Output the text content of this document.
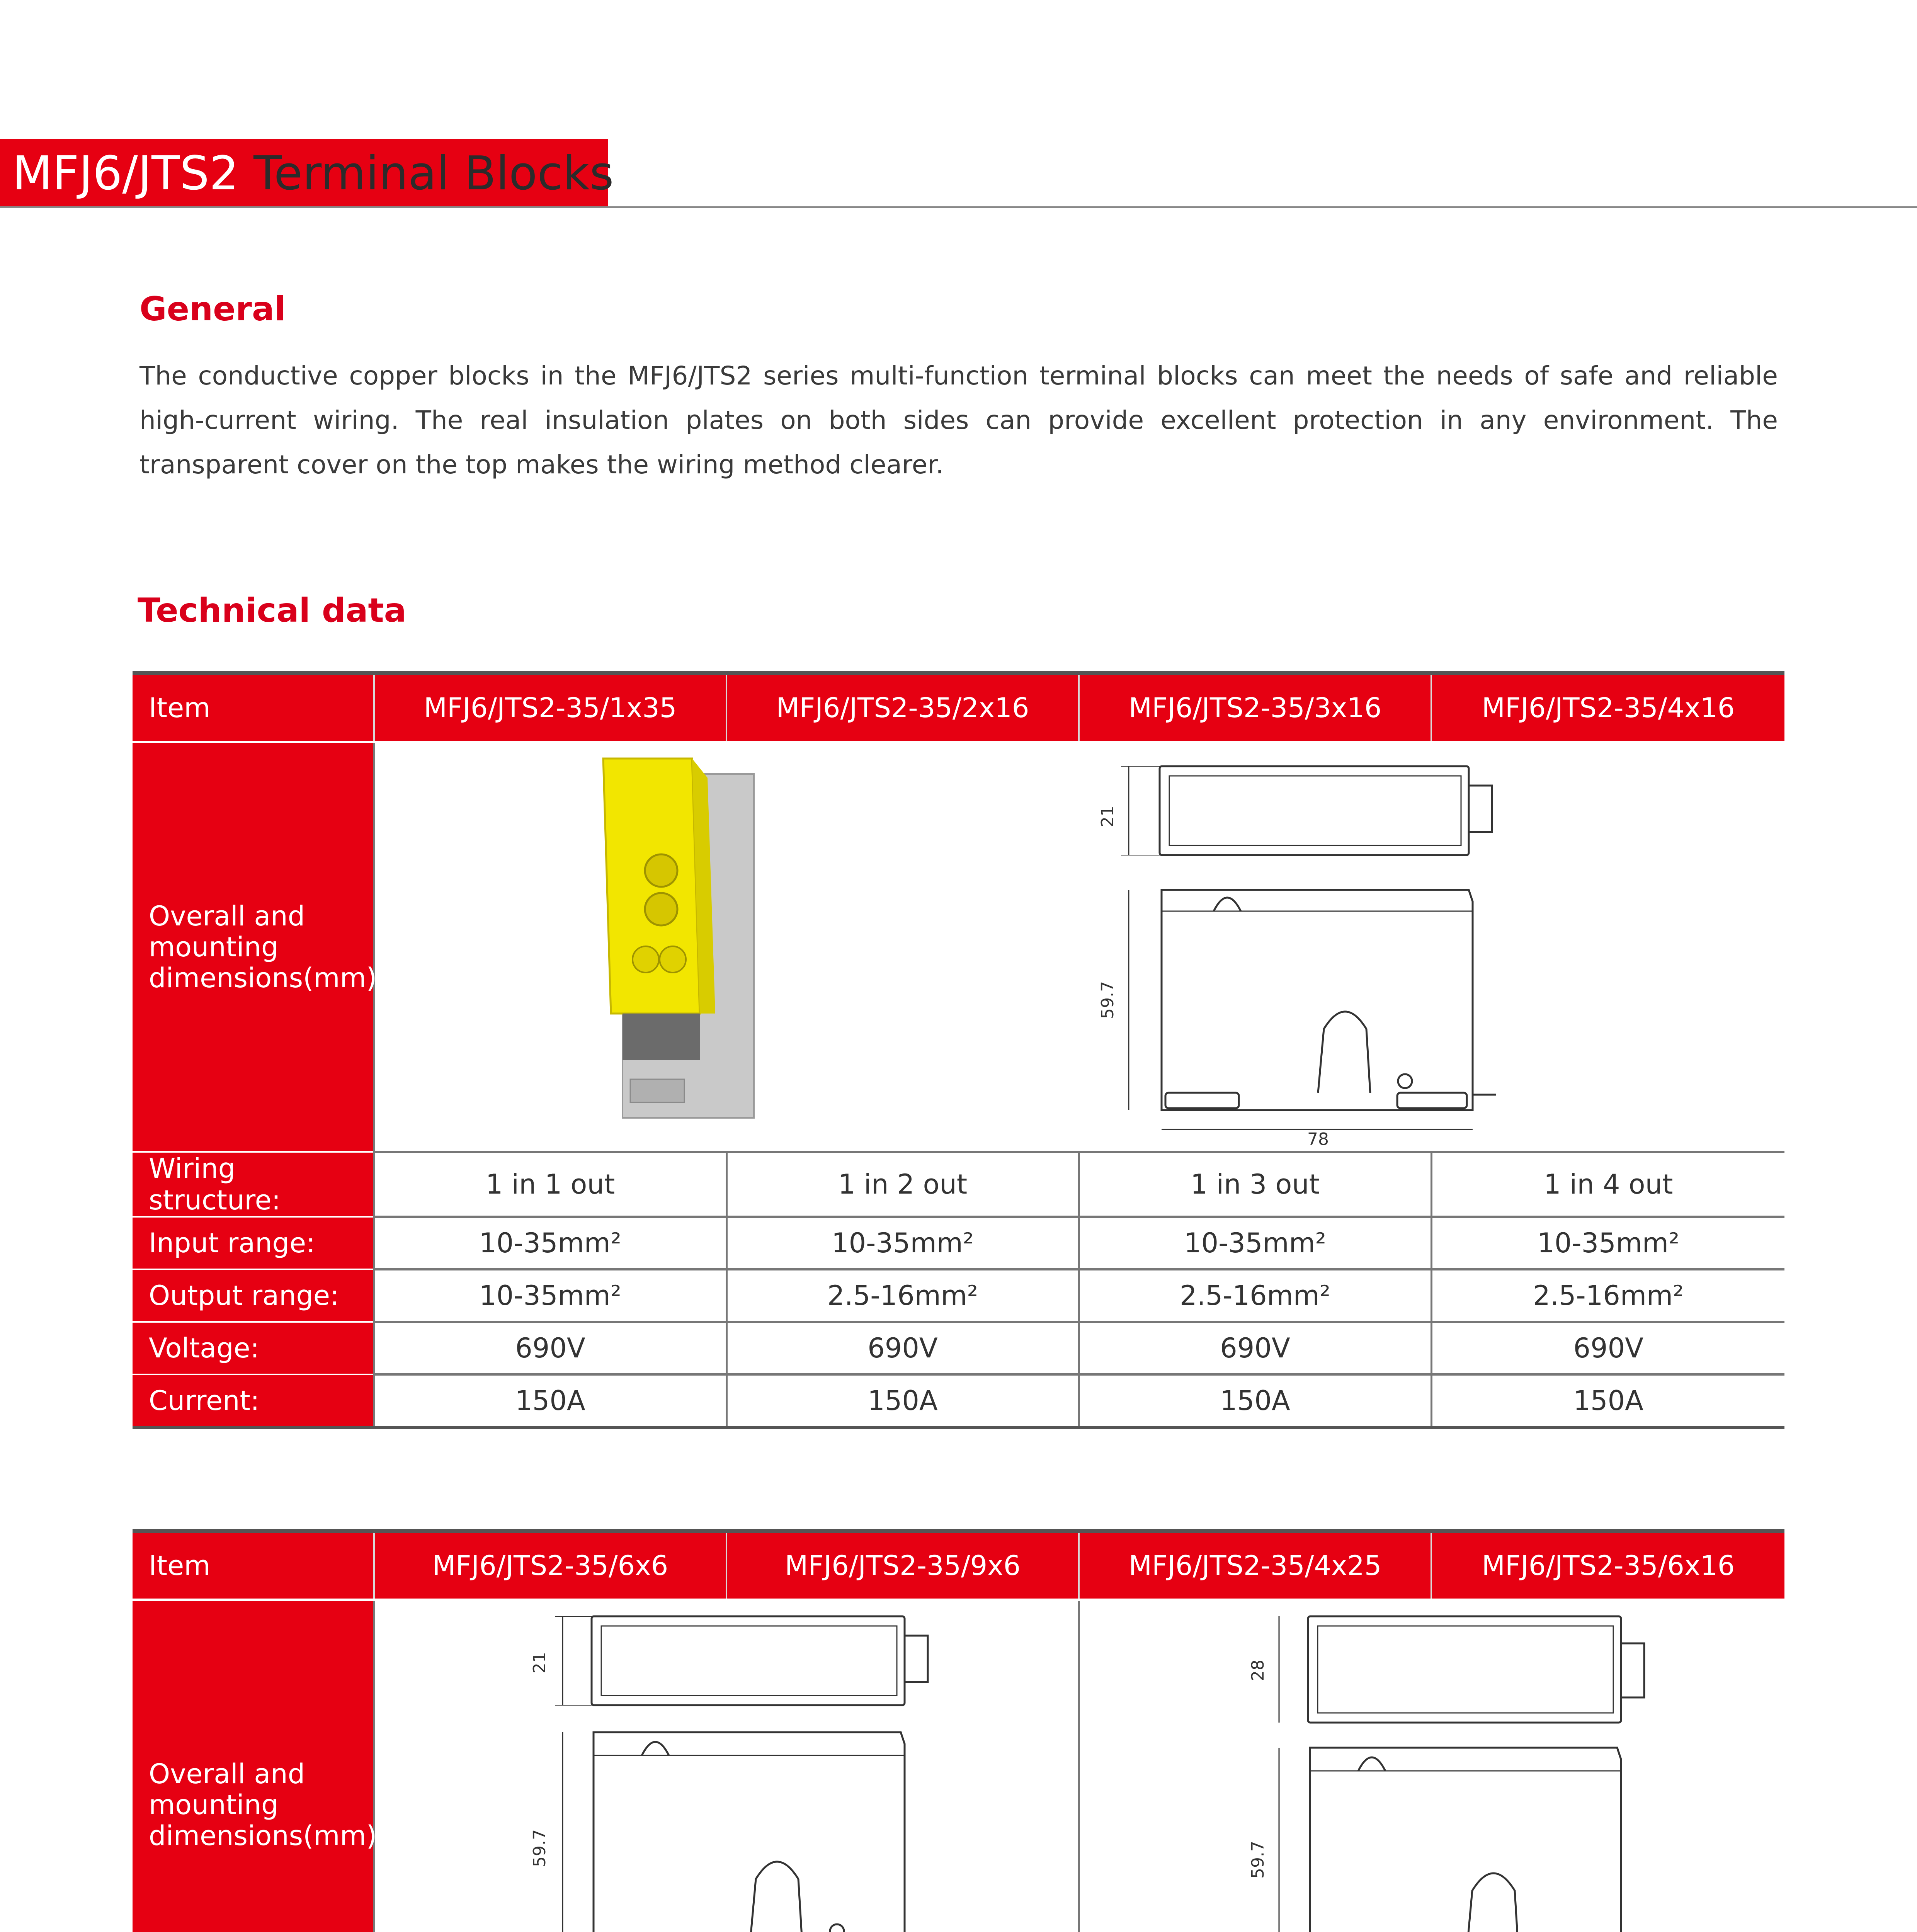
MFJ6/JTS2 Terminal Blocks
General
The conductive copper blocks in the MFJ6/JTS2 series multi-function terminal blocks can meet the needs of safe and reliable high-current wiring. The real insulation plates on both sides can provide excellent protection in any environment. The transparent cover on the top makes the wiring method clearer.
Technical data
Item	MFJ6/JTS2-35/1x35	MFJ6/JTS2-35/2x16	MFJ6/JTS2-35/3x16	MFJ6/JTS2-35/4x16
Overall and mounting dimensions(mm)	21
59.7
78			

Wiring structure:	1 in 1 out	1 in 2 out	1 in 3 out	1 in 4 out
Input range:	10-35mm²	10-35mm²	10-35mm²	10-35mm²
Output range:	10-35mm²	2.5-16mm²	2.5-16mm²	2.5-16mm²
Voltage:	690V	690V	690V	690V
Current:	150A	150A	150A	150A
Item	MFJ6/JTS2-35/6x6	MFJ6/JTS2-35/9x6	MFJ6/JTS2-35/4x25	MFJ6/JTS2-35/6x16
Overall and mounting dimensions(mm)	21
59.7		28
59.7	
